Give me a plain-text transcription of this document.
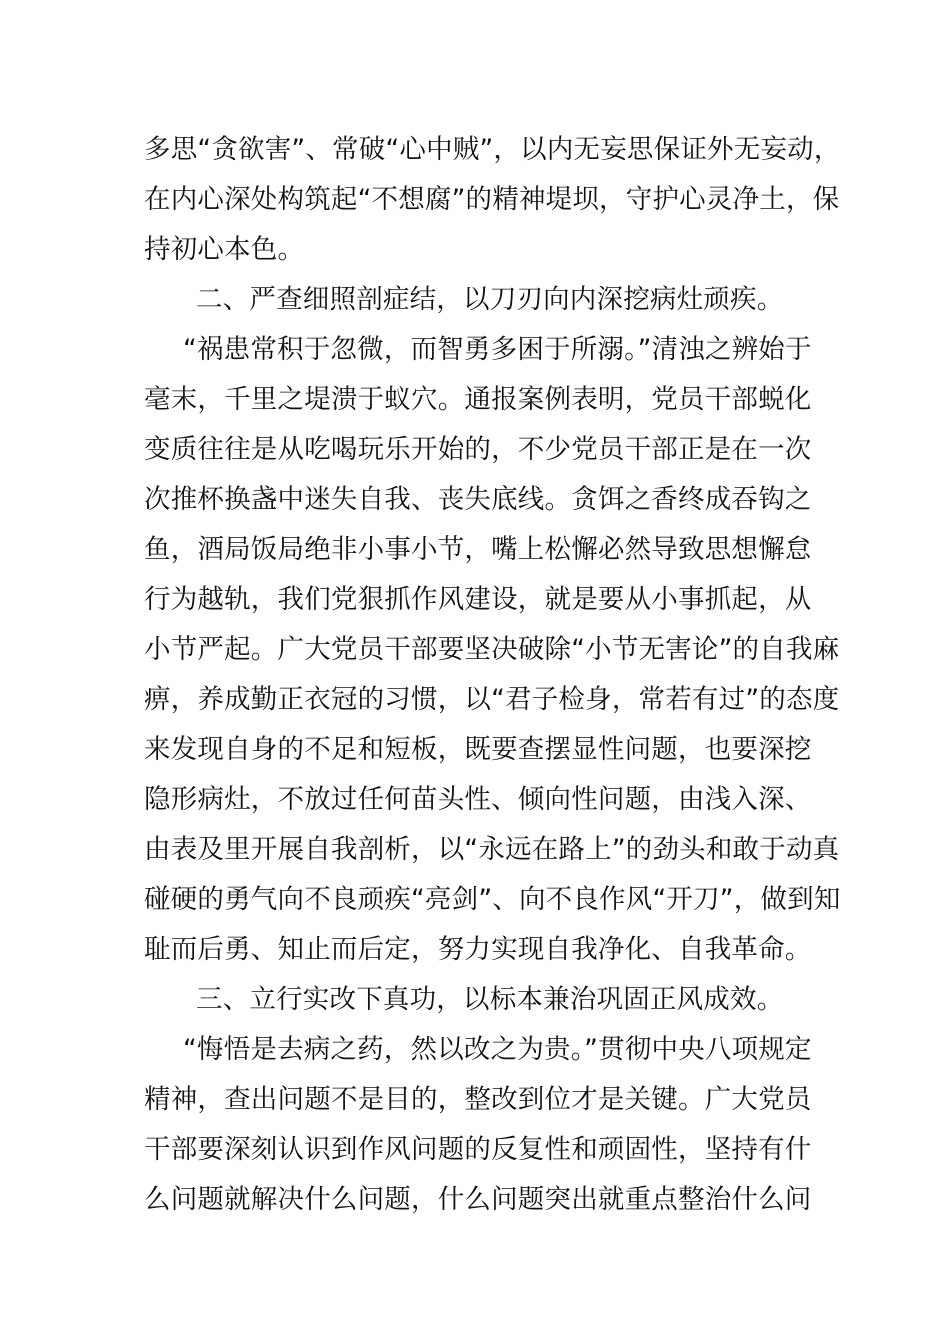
多思“贪欲害”、常破“心中贼”，以内无妄思保证外无妄动，
在内心深处构筑起“不想腐”的精神堤坝，守护心灵净土，保
持初心本色。
二、严查细照剖症结，以刀刃向内深挖病灶顽疾。
“祸患常积于忽微，而智勇多困于所溺。”清浊之辨始于
毫末，千里之堤溃于蚁穴。通报案例表明，党员干部蜕化
变质往往是从吃喝玩乐开始的，不少党员干部正是在一次
次推杯换盏中迷失自我、丧失底线。贪饵之香终成吞钩之
鱼，酒局饭局绝非小事小节，嘴上松懈必然导致思想懈怠
行为越轨，我们党狠抓作风建设，就是要从小事抓起，从
小节严起。广大党员干部要坚决破除“小节无害论”的自我麻
痹，养成勤正衣冠的习惯，以“君子检身，常若有过”的态度
来发现自身的不足和短板，既要查摆显性问题，也要深挖
隐形病灶，不放过任何苗头性、倾向性问题，由浅入深、
由表及里开展自我剖析，以“永远在路上”的劲头和敢于动真
碰硬的勇气向不良顽疾“亮剑”、向不良作风“开刀”，做到知
耻而后勇、知止而后定，努力实现自我净化、自我革命。
三、立行实改下真功，以标本兼治巩固正风成效。
“悔悟是去病之药，然以改之为贵。”贯彻中央八项规定
精神，查出问题不是目的，整改到位才是关键。广大党员
干部要深刻认识到作风问题的反复性和顽固性，坚持有什
么问题就解决什么问题，什么问题突出就重点整治什么问
